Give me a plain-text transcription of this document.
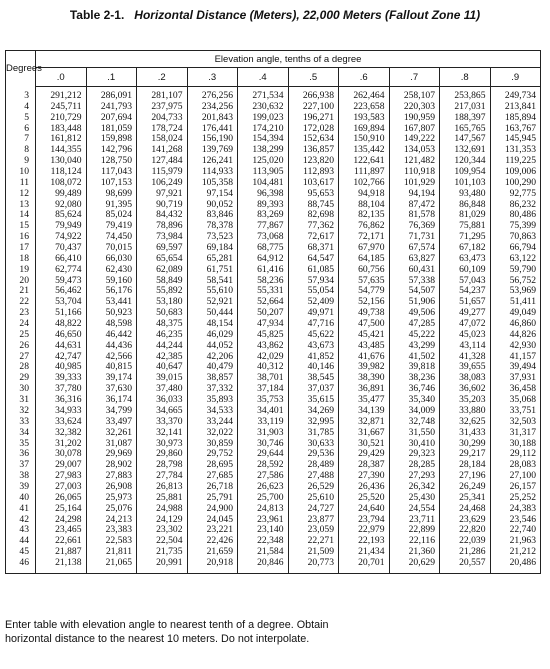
Table 2-1. Horizontal Distance (Meters), 22,000 Meters (Fallout Zone 11)
Degrees	Elevation angle, tenths of a degree									
	.0	.1	.2	.3	.4	.5	.6	.7	.8	.9
3	291,212	286,091	281,107	276,256	271,534	266,938	262,464	258,107	253,865	249,734
4	245,711	241,793	237,975	234,256	230,632	227,100	223,658	220,303	217,031	213,841
5	210,729	207,694	204,733	201,843	199,023	196,271	193,583	190,959	188,397	185,894
6	183,448	181,059	178,724	176,441	174,210	172,028	169,894	167,807	165,765	163,767
7	161,812	159,898	158,024	156,190	154,394	152,634	150,910	149,222	147,567	145,945
8	144,355	142,796	141,268	139,769	138,299	136,857	135,442	134,053	132,691	131,353
9	130,040	128,750	127,484	126,241	125,020	123,820	122,641	121,482	120,344	119,225
10	118,124	117,043	115,979	114,933	113,905	112,893	111,897	110,918	109,954	109,006
11	108,072	107,153	106,249	105,358	104,481	103,617	102,766	101,929	101,103	100,290
12	99,489	98,699	97,921	97,154	96,398	95,653	94,918	94,194	93,480	92,775
13	92,080	91,395	90,719	90,052	89,393	88,745	88,104	87,472	86,848	86,232
14	85,624	85,024	84,432	83,846	83,269	82,698	82,135	81,578	81,029	80,486
15	79,949	79,419	78,896	78,378	77,867	77,362	76,862	76,369	75,881	75,399
16	74,922	74,450	73,984	73,523	73,068	72,617	72,171	71,731	71,295	70,863
17	70,437	70,015	69,597	69,184	68,775	68,371	67,970	67,574	67,182	66,794
18	66,410	66,030	65,654	65,281	64,912	64,547	64,185	63,827	63,473	63,122
19	62,774	62,430	62,089	61,751	61,416	61,085	60,756	60,431	60,109	59,790
20	59,473	59,160	58,849	58,541	58,236	57,934	57,635	57,338	57,043	56,752
21	56,462	56,176	55,892	55,610	55,331	55,054	54,779	54,507	54,237	53,969
22	53,704	53,441	53,180	52,921	52,664	52,409	52,156	51,906	51,657	51,411
23	51,166	50,923	50,683	50,444	50,207	49,971	49,738	49,506	49,277	49,049
24	48,822	48,598	48,375	48,154	47,934	47,716	47,500	47,285	47,072	46,860
25	46,650	46,442	46,235	46,029	45,825	45,622	45,421	45,222	45,023	44,826
26	44,631	44,436	44,244	44,052	43,862	43,673	43,485	43,299	43,114	42,930
27	42,747	42,566	42,385	42,206	42,029	41,852	41,676	41,502	41,328	41,157
28	40,985	40,815	40,647	40,479	40,312	40,146	39,982	39,818	39,655	39,494
29	39,333	39,174	39,015	38,857	38,701	38,545	38,390	38,236	38,083	37,931
30	37,780	37,630	37,480	37,332	37,184	37,037	36,891	36,746	36,602	36,458
31	36,316	36,174	36,033	35,893	35,753	35,615	35,477	35,340	35,203	35,068
32	34,933	34,799	34,665	34,533	34,401	34,269	34,139	34,009	33,880	33,751
33	33,624	33,497	33,370	33,244	33,119	32,995	32,871	32,748	32,625	32,503
34	32,382	32,261	32,141	32,022	31,903	31,785	31,667	31,550	31,433	31,317
35	31,202	31,087	30,973	30,859	30,746	30,633	30,521	30,410	30,299	30,188
36	30,078	29,969	29,860	29,752	29,644	29,536	29,429	29,323	29,217	29,112
37	29,007	28,902	28,798	28,695	28,592	28,489	28,387	28,285	28,184	28,083
38	27,983	27,883	27,784	27,685	27,586	27,488	27,390	27,293	27,196	27,100
39	27,003	26,908	26,813	26,718	26,623	26,529	26,436	26,342	26,249	26,157
40	26,065	25,973	25,881	25,791	25,700	25,610	25,520	25,430	25,341	25,252
41	25,164	25,076	24,988	24,900	24,813	24,727	24,640	24,554	24,468	24,383
42	24,298	24,213	24,129	24,045	23,961	23,877	23,794	23,711	23,629	23,546
43	23,465	23,383	23,302	23,221	23,140	23,059	22,979	22,899	22,820	22,740
44	22,661	22,583	22,504	22,426	22,348	22,271	22,193	22,116	22,039	21,963
45	21,887	21,811	21,735	21,659	21,584	21,509	21,434	21,360	21,286	21,212
46	21,138	21,065	20,991	20,918	20,846	20,773	20,701	20,629	20,557	20,486
Enter table with elevation angle to nearest tenth of a degree. Obtain horizontal distance to the nearest 10 meters. Do not interpolate.
